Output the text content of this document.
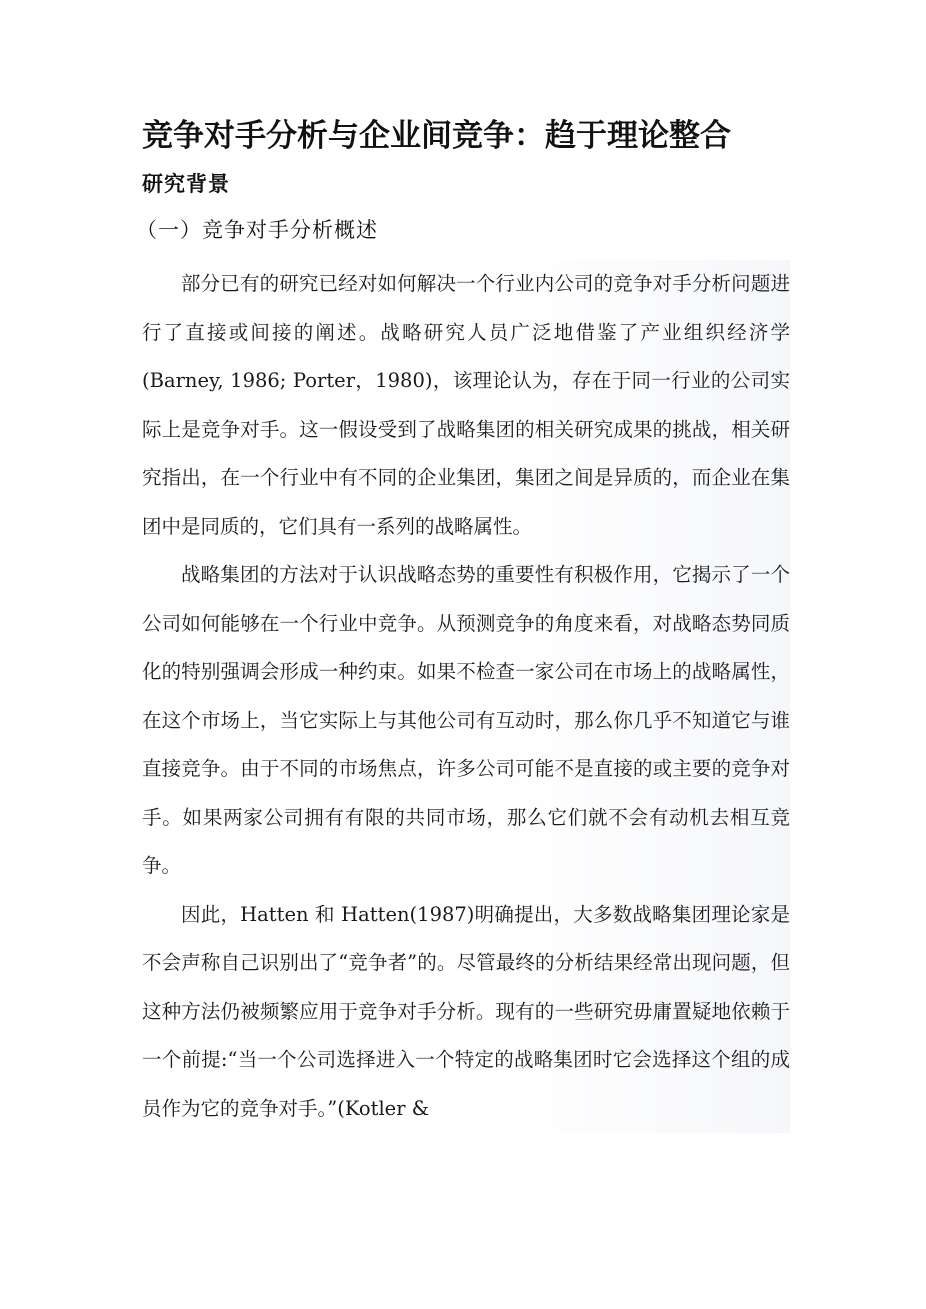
竞争对手分析与企业间竞争：趋于理论整合
研究背景
（一）竞争对手分析概述

部分已有的研究已经对如何解决一个行业内公司的竞争对手分析问题进行了直接或间接的阐述。战略研究人员广泛地借鉴了产业组织经济学(Barney, 1986; Porter，1980)，该理论认为，存在于同一行业的公司实际上是竞争对手。这一假设受到了战略集团的相关研究成果的挑战，相关研究指出，在一个行业中有不同的企业集团，集团之间是异质的，而企业在集团中是同质的，它们具有一系列的战略属性。

战略集团的方法对于认识战略态势的重要性有积极作用，它揭示了一个公司如何能够在一个行业中竞争。从预测竞争的角度来看，对战略态势同质化的特别强调会形成一种约束。如果不检查一家公司在市场上的战略属性，在这个市场上，当它实际上与其他公司有互动时，那么你几乎不知道它与谁直接竞争。由于不同的市场焦点，许多公司可能不是直接的或主要的竞争对手。如果两家公司拥有有限的共同市场，那么它们就不会有动机去相互竞争。

因此，Hatten 和 Hatten(1987)明确提出，大多数战略集团理论家是不会声称自己识别出了“竞争者”的。尽管最终的分析结果经常出现问题，但这种方法仍被频繁应用于竞争对手分析。现有的一些研究毋庸置疑地依赖于一个前提:“当一个公司选择进入一个特定的战略集团时它会选择这个组的成员作为它的竞争对手。”(Kotler &
